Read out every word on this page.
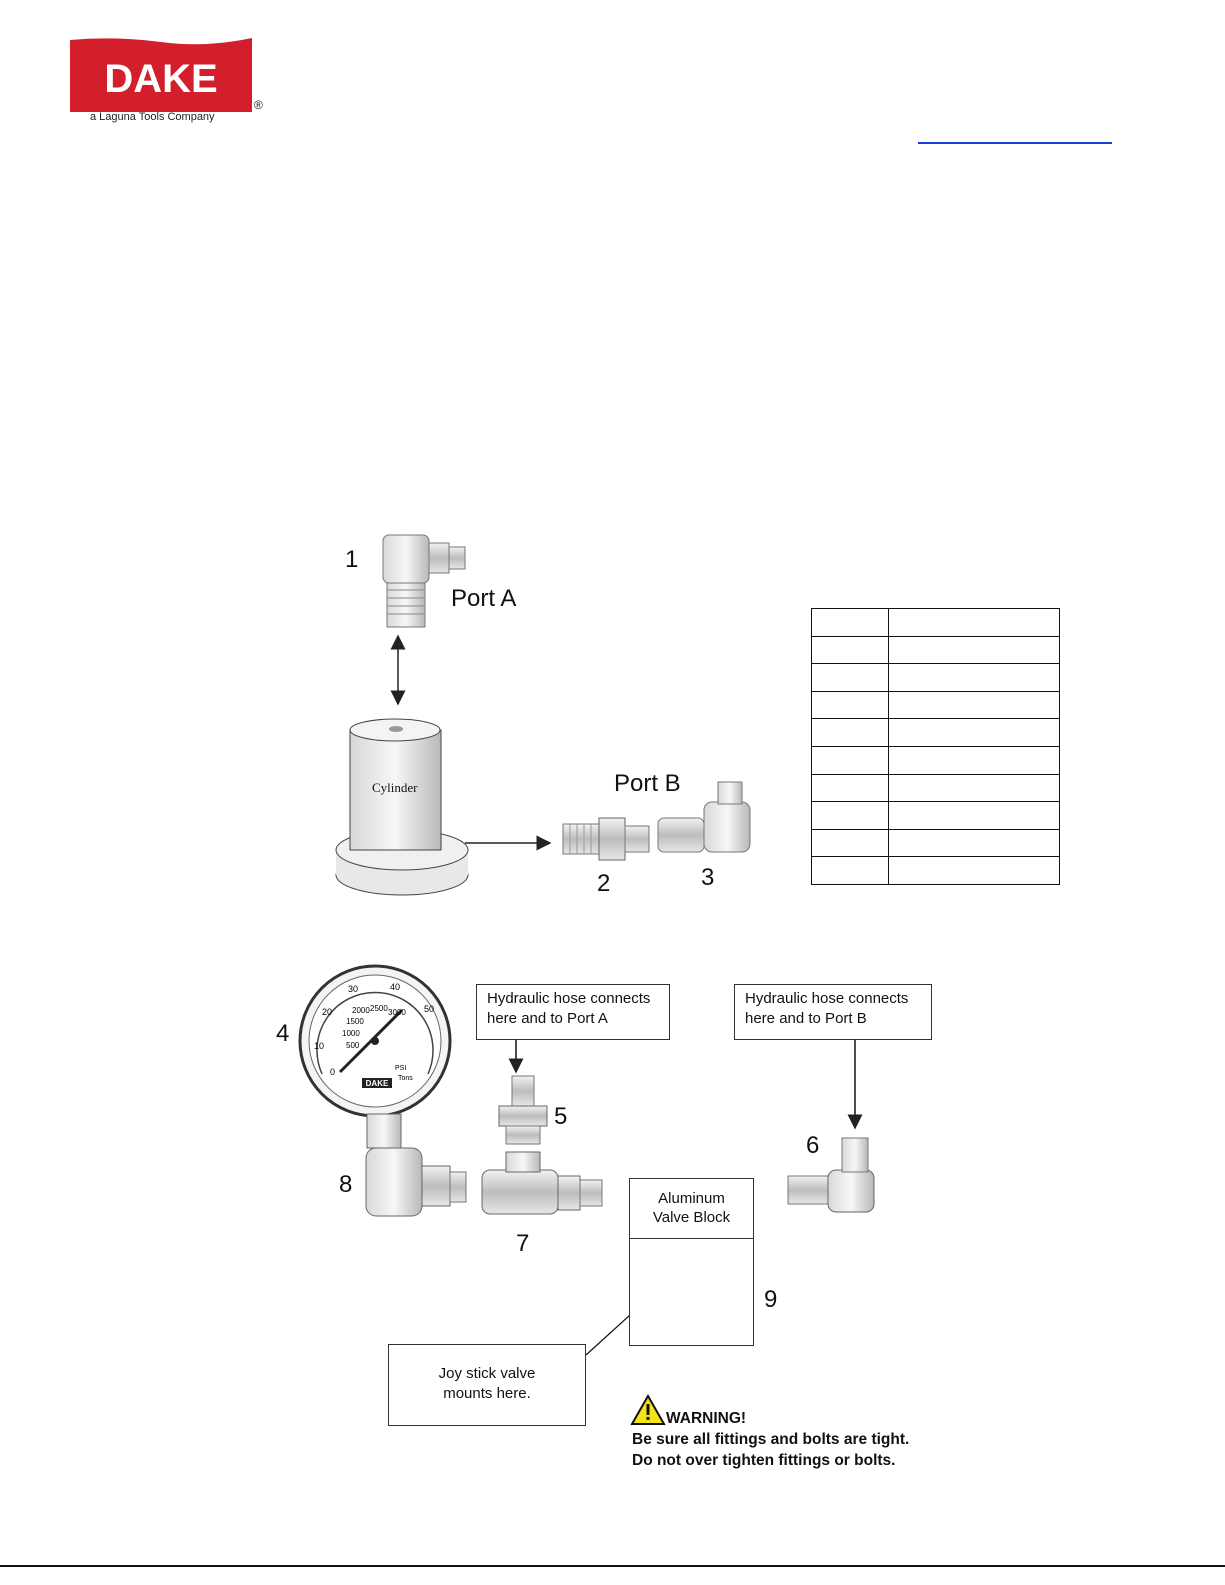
DAKE
®
a Laguna Tools Company
DAKE
0
10
20
30	40
50
500
1000
1500
2000 2500 3000
PSI
Tons
1
2	3
4
5
6
7
8
9
Port A
Port B
Cylinder

Hydraulic hose connects
here and to Port A
Hydraulic hose connects
here and to Port B
Joy stick valve
mounts here.
Aluminum
Valve Block
WARNING!
Be sure all fittings and bolts are tight.
Do not over tighten fittings or bolts.
